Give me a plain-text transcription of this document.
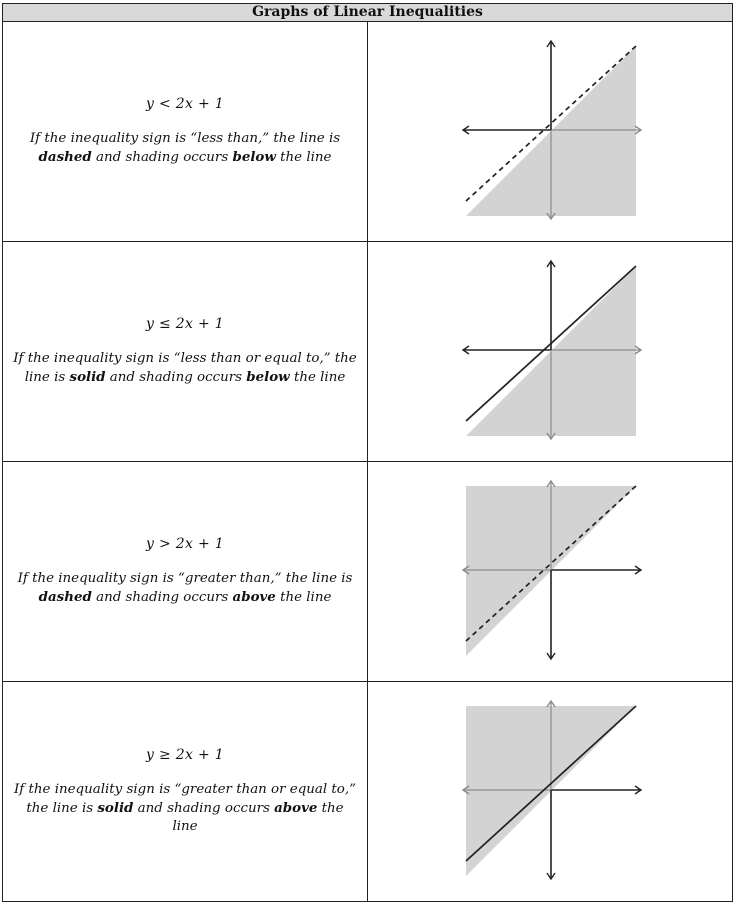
Graphs of Linear Inequalities
y < 2x + 1
If the inequality sign is “less than,” the line is dashed and shading occurs below the line
y ≤ 2x + 1
If the inequality sign is “less than or equal to,” the line is solid and shading occurs below the line
y > 2x + 1
If the inequality sign is “greater than,” the line is dashed and shading occurs above the line
y ≥ 2x + 1
If the inequality sign is “greater than or equal to,” the line is solid and shading occurs above the line
